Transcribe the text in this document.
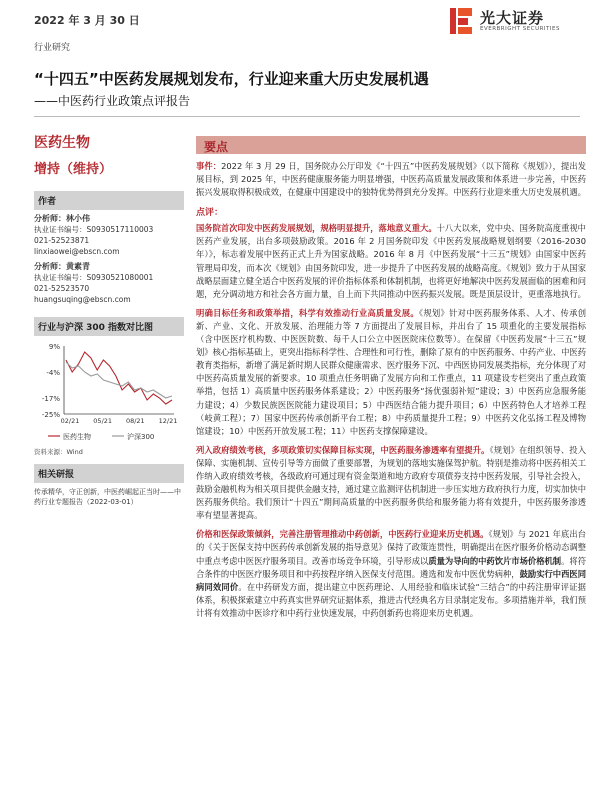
2022 年 3 月 30 日
行业研究
光大证券
EVERBRIGHT SECURITIES
“十四五”中医药发展规划发布，行业迎来重大历史发展机遇
——中医药行业政策点评报告
医药生物
增持（维持）
作者
分析师：林小伟
执业证书编号：S0930517110003
021-52523871
linxiaowei@ebscn.com
分析师：黄素青
执业证书编号：S0930521080001
021-52523570
huangsuqing@ebscn.com
行业与沪深 300 指数对比图
9%
-4%
-17%
-25%
02/21 05/21 08/21 12/21
医药生物	沪深300
资料来源：Wind
相关研报
传承精华，守正创新，中医药崛起正当时——中药行业专题报告（2022-03-01）
要点
事件：2022 年 3 月 29 日，国务院办公厅印发《“十四五”中医药发展规划》（以下简称《规划》），提出发展目标，到 2025 年，中医药健康服务能力明显增强，中医药高质量发展政策和体系进一步完善，中医药振兴发展取得积极成效，在健康中国建设中的独特优势得到充分发挥。中医药行业迎来重大历史发展机遇。
点评：
国务院首次印发中医药发展规划，规格明显提升，落地意义重大。十八大以来，党中央、国务院高度重视中医药产业发展，出台多项鼓励政策。2016 年 2 月国务院印发《中医药发展战略规划纲要（2016-2030 年）》，标志着发展中医药正式上升为国家战略。2016 年 8 月《中医药发展“十三五”规划》由国家中医药管理局印发，而本次《规划》由国务院印发，进一步提升了中医药发展的战略高度。《规划》致力于从国家战略层面建立健全适合中医药发展的评价指标体系和体制机制，也将更好地解决中医药发展面临的困难和问题，充分调动地方和社会各方面力量，自上而下共同推动中医药振兴发展。既是顶层设计，更重落地执行。
明确目标任务和政策举措，科学有效推动行业高质量发展。《规划》针对中医药服务体系、人才、传承创新、产业、文化、开放发展、治理能力等 7 方面提出了发展目标，并出台了 15 项重化的主要发展指标（含中医医疗机构数、中医医院数、每千人口公立中医医院床位数等）。在保留《中医药发展“十三五”规划》核心指标基础上，更突出指标科学性、合理性和可行性，删除了原有的中医药服务、中药产业、中医药教育类指标，新增了满足新时期人民群众健康需求、医疗服务下沉、中西医协同发展类指标，充分体现了对中医药高质量发展的新要求。10 项重点任务明确了发展方向和工作重点，11 项建设专栏突出了重点政策举措，包括 1）高质量中医药服务体系建设；2）中医药服务“扬优强弱补短”建设；3）中医药应急服务能力建设；4）少数民族医医院能力建设项目；5）中西医结合能力提升项目；6）中医药特色人才培养工程（岐黄工程）；7）国家中医药传承创新平台工程；8）中药质量提升工程；9）中医药文化弘扬工程及博物馆建设；10）中医药开放发展工程；11）中医药支撑保障建设。
列入政府绩效考核，多项政策切实保障目标实现，中医药服务渗透率有望提升。《规划》在组织领导、投入保障、实施机制、宣传引导等方面做了重要部署，为规划的落地实施保驾护航。特别是推动将中医药相关工作纳入政府绩效考核，各级政府可通过现有资金渠道和地方政府专项债券支持中医药发展，引导社会投入，鼓励金融机构为相关项目提供金融支持，通过建立监测评估机制进一步压实地方政府执行力度，切实加快中医药服务供给。我们预计“十四五”期间高质量的中医药服务供给和服务能力将有效提升，中医药服务渗透率有望显著提高。
价格和医保政策倾斜，完善注册管理推动中药创新，中医药行业迎来历史机遇。《规划》与 2021 年底出台的《关于医保支持中医药传承创新发展的指导意见》保持了政策连贯性，明确提出在医疗服务价格动态调整中重点考虑中医医疗服务项目。改善市场竞争环境，引导形成以质量为导向的中药饮片市场价格机制。将符合条件的中医医疗服务项目和中药按程序纳入医保支付范围。遴选和发布中医优势病种，鼓励实行中西医同病同效同价。在中药研发方面，提出建立中医药理论、人用经验和临床试验“三结合”的中药注册审评证据体系，积极探索建立中药真实世界研究证据体系，推进古代经典名方目录制定发布。多项措施并举，我们预计将有效推动中医诊疗和中药行业快速发展，中药创新药也将迎来历史机遇。
